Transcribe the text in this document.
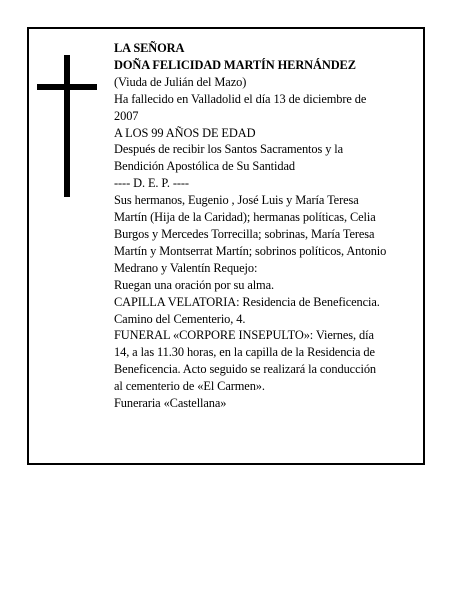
LA SEÑORA
DOÑA FELICIDAD MARTÍN HERNÁNDEZ
(Viuda de Julián del Mazo)
Ha fallecido en Valladolid el día 13 de diciembre de
2007
A LOS 99 AÑOS DE EDAD
Después de recibir los Santos Sacramentos y la
Bendición Apostólica de Su Santidad
---- D. E. P. ----
Sus hermanos, Eugenio , José Luis y María Teresa
Martín (Hija de la Caridad); hermanas políticas, Celia
Burgos y Mercedes Torrecilla; sobrinas, María Teresa
Martín y Montserrat Martín; sobrinos políticos, Antonio
Medrano y Valentín Requejo:
Ruegan una oración por su alma.
CAPILLA VELATORIA: Residencia de Beneficencia.
Camino del Cementerio, 4.
FUNERAL «CORPORE INSEPULTO»: Viernes, día
14, a las 11.30 horas, en la capilla de la Residencia de
Beneficencia. Acto seguido se realizará la conducción
al cementerio de «El Carmen».
Funeraria «Castellana»
